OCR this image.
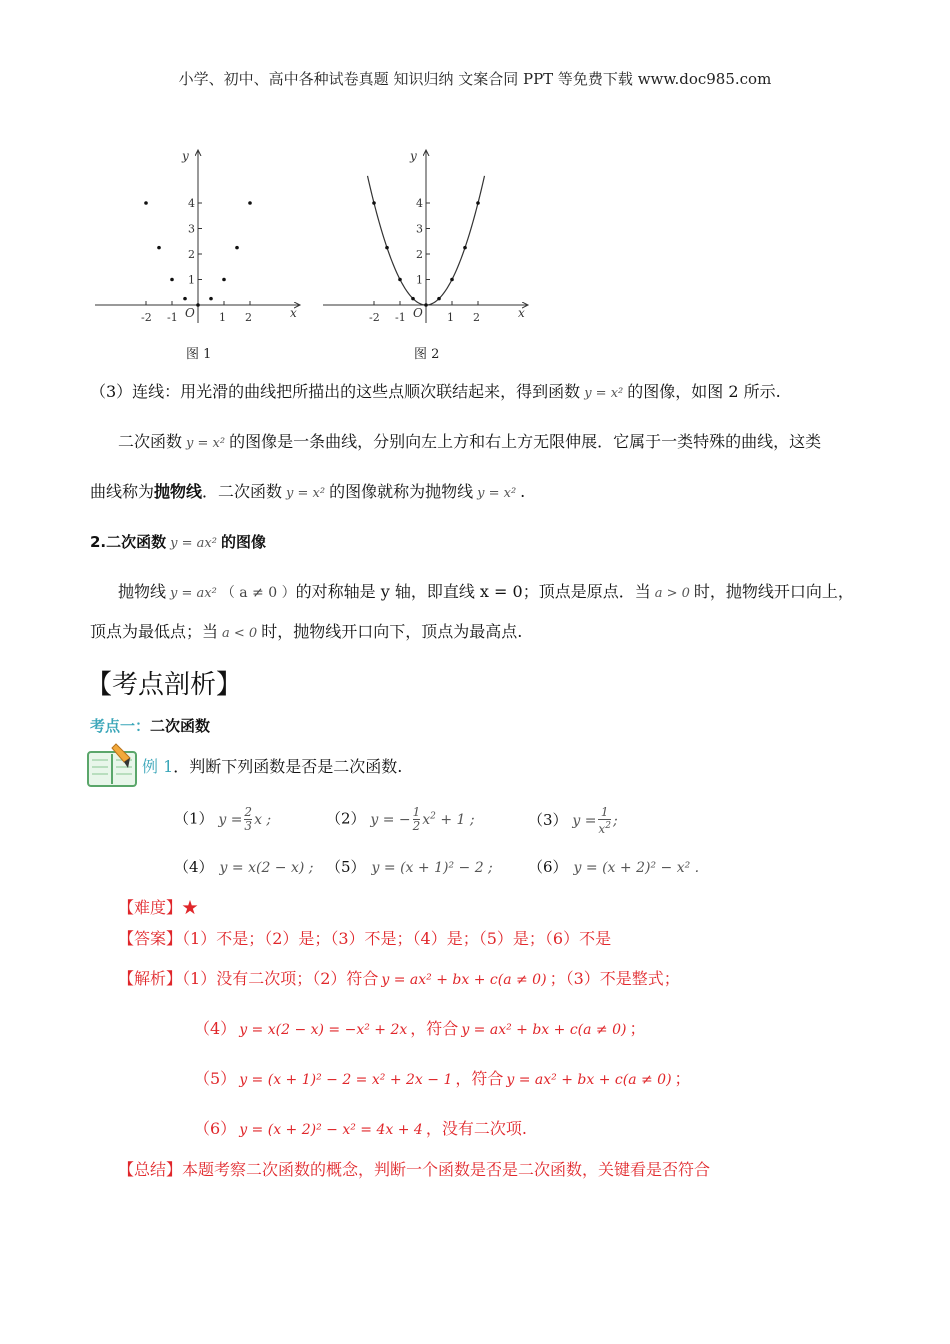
小学、初中、高中各种试卷真题 知识归纳 文案合同 PPT 等免费下载 www.doc985.com
-2 -1	1 2
1
2
3
4
y
x
O
图 1
-2 -1	1 2
1
2
3
4
y
x
O
图 2
（3）连线：用光滑的曲线把所描出的这些点顺次联结起来，得到函数 y = x² 的图像，如图 2 所示.
二次函数 y = x² 的图像是一条曲线，分别向左上方和右上方无限伸展．它属于一类特殊的曲线，这类
曲线称为抛物线．二次函数 y = x² 的图像就称为抛物线 y = x² .
2.二次函数 y = ax² 的图像
抛物线 y = ax² （ a ≠ 0 ）的对称轴是 y 轴，即直线 x = 0；顶点是原点．当 a > 0 时，抛物线开口向上，
顶点为最低点；当 a < 0 时，抛物线开口向下，顶点为最高点.
【考点剖析】
考点一：二次函数
例 1．判断下列函数是否是二次函数.
（1） $y = \frac{2}{3}$ x ;	（2） y = − $\frac{1}{2} x^2 + 1$ ;	（3） $y = \frac{1}{x^2}$ ;
（4） y = x(2 − x) ; （5） y = (x + 1)² − 2 ; （6） y = (x + 2)² − x² .
【难度】★
【答案】（1）不是；（2）是；（3）不是；（4）是；（5）是；（6）不是
【解析】（1）没有二次项；（2）符合 y = ax² + bx + c(a ≠ 0) ；（3）不是整式；
（4） y = x(2 − x) = −x² + 2x ，符合 y = ax² + bx + c(a ≠ 0) ；
（5） y = (x + 1)² − 2 = x² + 2x − 1 ，符合 y = ax² + bx + c(a ≠ 0) ；
（6） y = (x + 2)² − x² = 4x + 4 ，没有二次项.
【总结】本题考察二次函数的概念，判断一个函数是否是二次函数，关键看是否符合
